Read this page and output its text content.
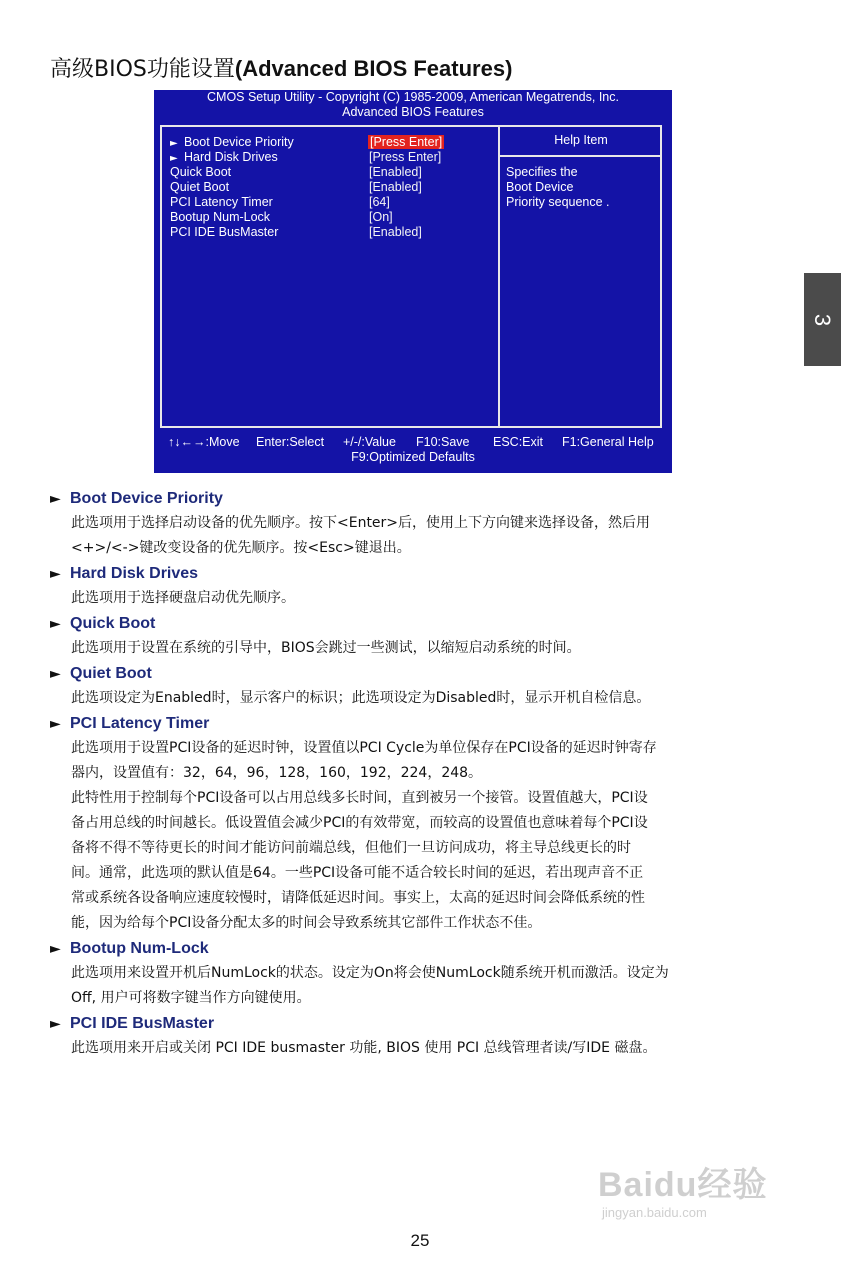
高级BIOS功能设置(Advanced BIOS Features)
CMOS Setup Utility - Copyright (C) 1985-2009, American Megatrends, Inc.
Advanced BIOS Features
► Boot Device Priority	[Press Enter]
► Hard Disk Drives	[Press Enter]
Quick Boot	[Enabled]
Quiet Boot	[Enabled]
PCI Latency Timer	[64]
Bootup Num-Lock	[On]
PCI IDE BusMaster	[Enabled]
Help Item
Specifies the
Boot Device
Priority sequence .
↑↓←→:Move Enter:Select +/-/:Value F10:Save ESC:Exit F1:General Help
F9:Optimized Defaults
3
► Boot Device Priority
此选项用于选择启动设备的优先顺序。按下<Enter>后，使用上下方向键来选择设备，然后用
<+>/<->键改变设备的优先顺序。按<Esc>键退出。
► Hard Disk Drives
此选项用于选择硬盘启动优先顺序。
► Quick Boot
此选项用于设置在系统的引导中，BIOS会跳过一些测试，以缩短启动系统的时间。
► Quiet Boot
此选项设定为Enabled时，显示客户的标识；此选项设定为Disabled时，显示开机自检信息。
► PCI Latency Timer
此选项用于设置PCI设备的延迟时钟，设置值以PCI Cycle为单位保存在PCI设备的延迟时钟寄存
器内，设置值有：32，64，96，128，160，192，224，248。
此特性用于控制每个PCI设备可以占用总线多长时间，直到被另一个接管。设置值越大，PCI设
备占用总线的时间越长。低设置值会减少PCI的有效带宽，而较高的设置值也意味着每个PCI设
备将不得不等待更长的时间才能访问前端总线，但他们一旦访问成功，将主导总线更长的时
间。通常，此选项的默认值是64。一些PCI设备可能不适合较长时间的延迟，若出现声音不正
常或系统各设备响应速度较慢时，请降低延迟时间。事实上，太高的延迟时间会降低系统的性
能，因为给每个PCI设备分配太多的时间会导致系统其它部件工作状态不佳。
► Bootup Num-Lock
此选项用来设置开机后NumLock的状态。设定为On将会使NumLock随系统开机而激活。设定为
Off, 用户可将数字键当作方向键使用。
► PCI IDE BusMaster
此选项用来开启或关闭 PCI IDE busmaster 功能, BIOS 使用 PCI 总线管理者读/写IDE 磁盘。
25
Baidu经验
jingyan.baidu.com
